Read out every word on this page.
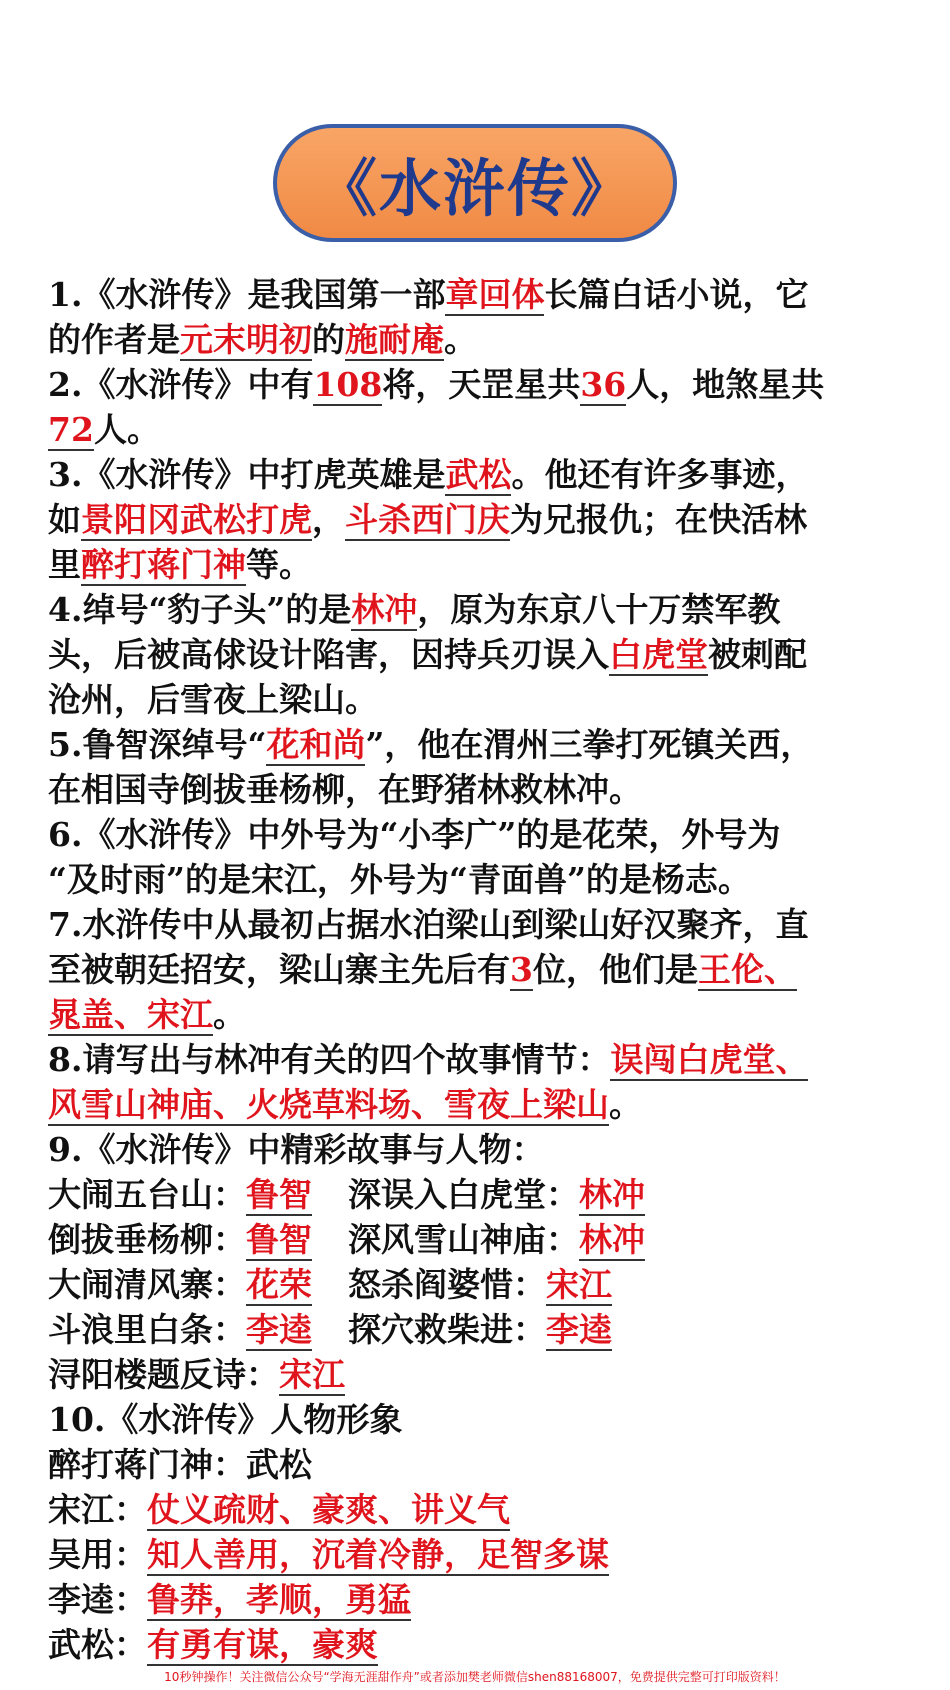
《水浒传》

1.《水浒传》是我国第一部章回体长篇白话小说，它

的作者是元末明初的施耐庵。

2.《水浒传》中有108将，天罡星共36人，地煞星共

72人。

3.《水浒传》中打虎英雄是武松。他还有许多事迹，

如景阳冈武松打虎，斗杀西门庆为兄报仇；在快活林

里醉打蒋门神等。

4.绰号“豹子头”的是林冲，原为东京八十万禁军教

头，后被高俅设计陷害，因持兵刃误入白虎堂被刺配

沧州，后雪夜上梁山。

5.鲁智深绰号“花和尚”，他在渭州三拳打死镇关西，

在相国寺倒拔垂杨柳，在野猪林救林冲。

6.《水浒传》中外号为“小李广”的是花荣，外号为

“及时雨”的是宋江，外号为“青面兽”的是杨志。

7.水浒传中从最初占据水泊梁山到梁山好汉聚齐，直

至被朝廷招安，梁山寨主先后有3位，他们是王伦、

晁盖、宋江。

8.请写出与林冲有关的四个故事情节：误闯白虎堂、

风雪山神庙、火烧草料场、雪夜上梁山。

9.《水浒传》中精彩故事与人物：

大闹五台山：鲁智 深误入白虎堂：林冲

倒拔垂杨柳：鲁智 深风雪山神庙：林冲

大闹清风寨：花荣 怒杀阎婆惜：宋江

斗浪里白条：李逵 探穴救柴进：李逵

浔阳楼题反诗：宋江

10.《水浒传》人物形象

醉打蒋门神：武松

宋江：仗义疏财、豪爽、讲义气

吴用：知人善用，沉着冷静，足智多谋

李逵：鲁莽，孝顺，勇猛

武松：有勇有谋，豪爽

10秒钟操作！关注微信公众号“学海无涯甜作舟”或者添加樊老师微信shen88168007，免费提供完整可打印版资料！
